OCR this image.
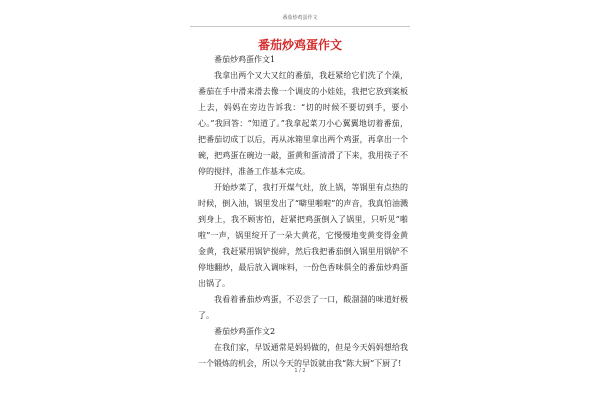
番茄炒鸡蛋作文
番茄炒鸡蛋作文

番茄炒鸡蛋作文1

我拿出两个又大又红的番茄，我赶紧给它们洗了个澡，番茄在手中滑来滑去像一个调皮的小娃娃，我把它放到案板上去，妈妈在旁边告诉我：“切的时候不要切到手，要小心。”我回答：“知道了。”我拿起菜刀小心翼翼地切着番茄，把番茄切成丁以后，再从冰箱里拿出两个鸡蛋，再拿出一个碗，把鸡蛋在碗边一敲，蛋黄和蛋清滑了下来，我用筷子不停的搅拌，准备工作基本完成。

开始炒菜了，我打开煤气灶，放上锅，等锅里有点热的时候，倒入油，锅里发出了“噼里啪啦”的声音，我真怕油溅到身上，我不顾害怕，赶紧把鸡蛋倒入了锅里，只听见“啪啦”一声，锅里绽开了一朵大黄花，它慢慢地变黄变得金黄金黄，我赶紧用锅铲搅碎，然后我把番茄倒入锅里用锅铲不停地翻炒，最后放入调味料，一份色香味俱全的番茄炒鸡蛋出锅了。

我看着番茄炒鸡蛋，不忍尝了一口，酸溜溜的味道好极了。

番茄炒鸡蛋作文2

在我们家，早饭通常是妈妈做的，但是今天妈妈想给我一个锻炼的机会，所以今天的早饭就由我“陈大厨”下厨了!

1 / 2
